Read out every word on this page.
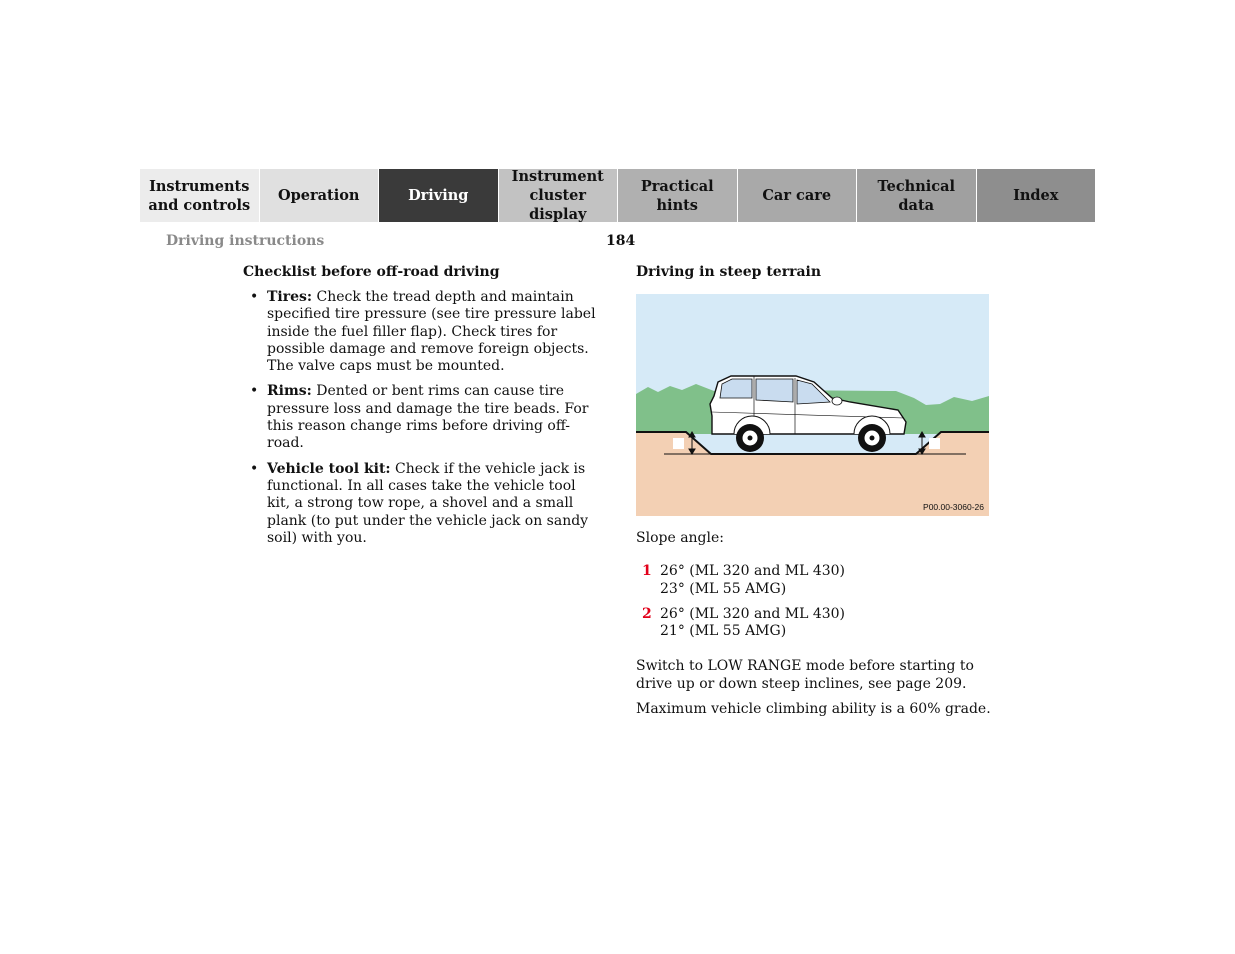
Instruments
and controls
Operation	Driving
Instrument
cluster display
Practical hints
Car care
Technical
data
Index
Driving instructions	184
Checklist before off-road driving
• Tires: Check the tread depth and maintain specified tire pressure (see tire pressure label inside the fuel filler flap). Check tires for possible damage and remove foreign objects. The valve caps must be mounted.
• Rims: Dented or bent rims can cause tire pressure loss and damage the tire beads. For this reason change rims before driving off-road.
• Vehicle tool kit: Check if the vehicle jack is functional. In all cases take the vehicle tool kit, a strong tow rope, a shovel and a small plank (to put under the vehicle jack on sandy soil) with you.
Driving in steep terrain
P00.00-3060-26
Slope angle:
1 26° (ML 320 and ML 430)
23° (ML 55 AMG)
2 26° (ML 320 and ML 430)
21° (ML 55 AMG)
Switch to LOW RANGE mode before starting to drive up or down steep inclines, see page 209.
Maximum vehicle climbing ability is a 60% grade.
